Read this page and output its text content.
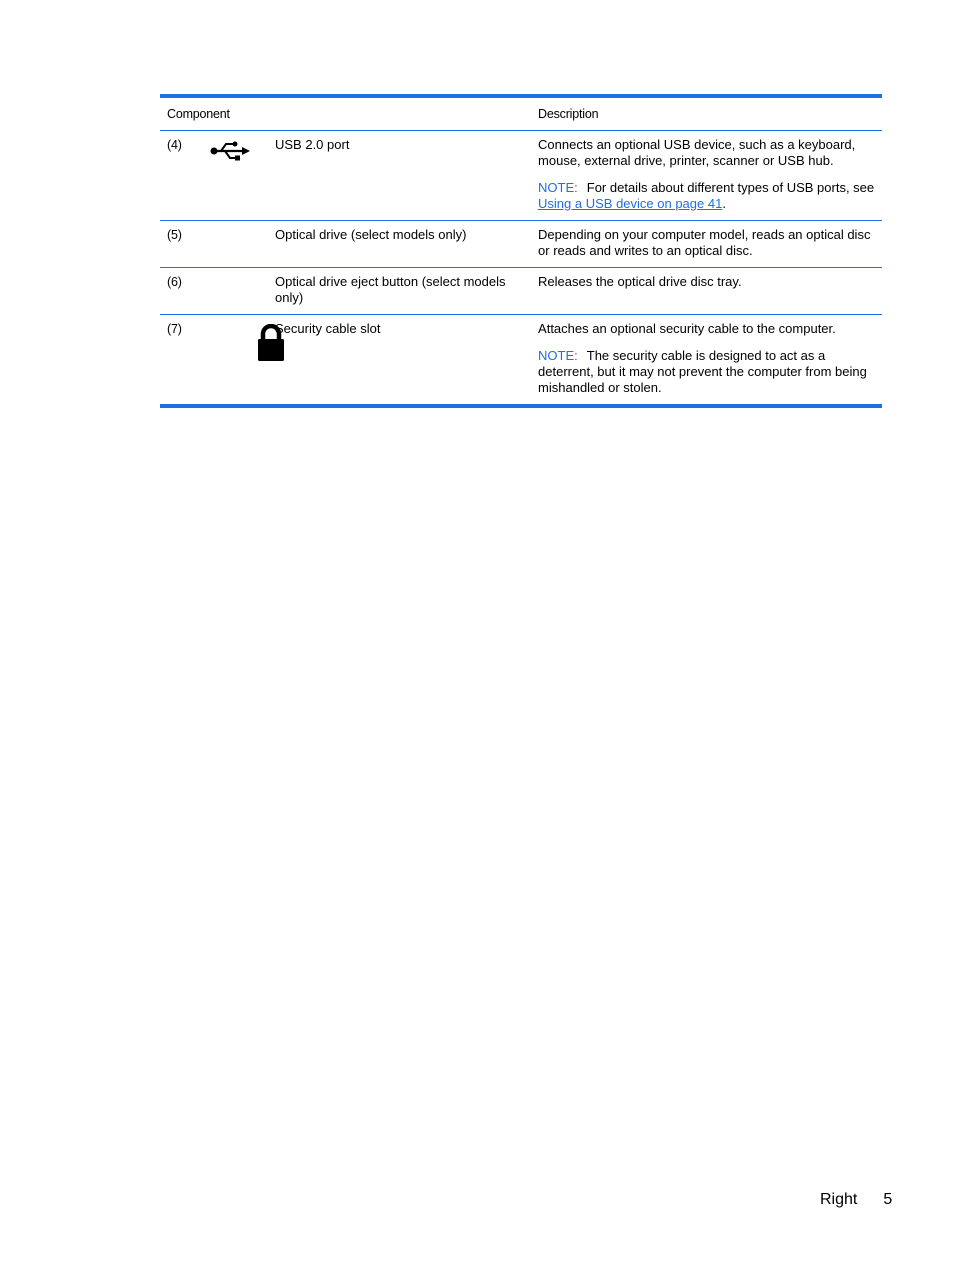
Component			Description
(4)		USB 2.0 port	Connects an optional USB device, such as a keyboard, mouse, external drive, printer, scanner or USB hub.
NOTE: For details about different types of USB ports, see Using a USB device on page 41.

(5)		Optical drive (select models only)	Depending on your computer model, reads an optical disc or reads and writes to an optical disc.
(6)		Optical drive eject button (select models only)	Releases the optical drive disc tray.
(7)		Security cable slot	Attaches an optional security cable to the computer.
NOTE: The security cable is designed to act as a deterrent, but it may not prevent the computer from being mishandled or stolen.
Right 5
